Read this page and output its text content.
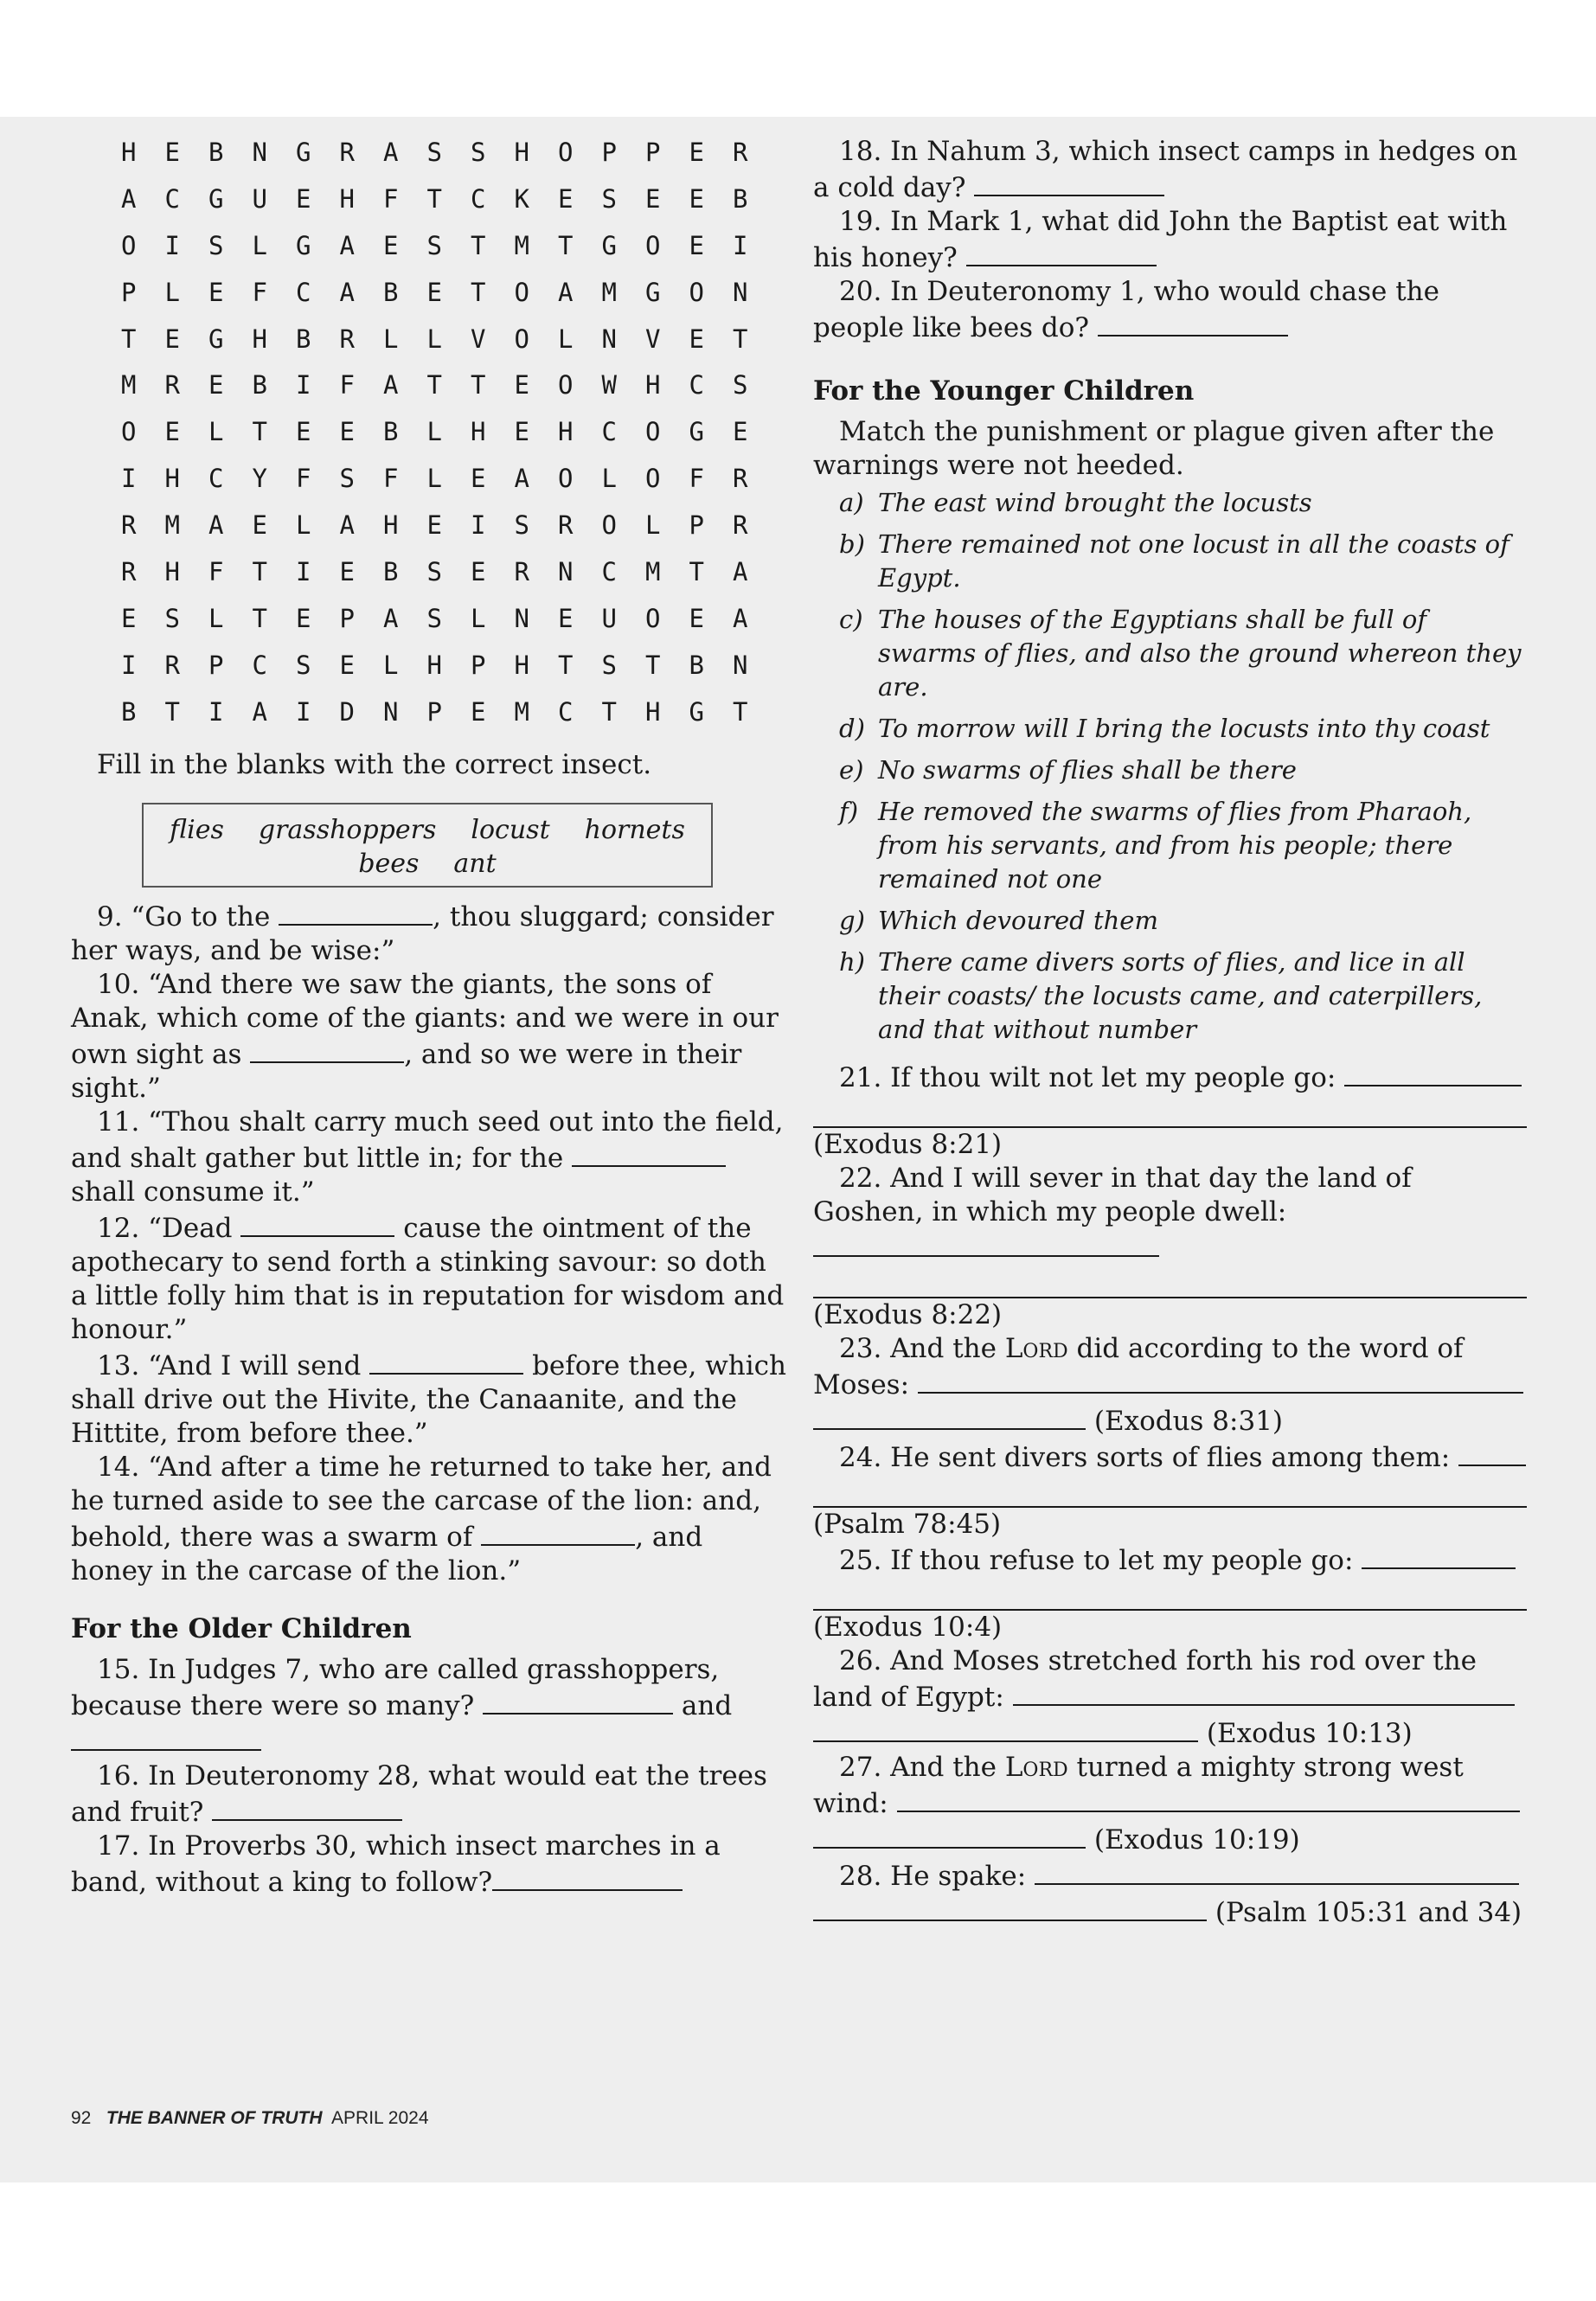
H	E	B	N	G	R	A	S	S	H	O	P	P	E	R
A	C	G	U	E	H	F	T	C	K	E	S	E	E	B
O	I	S	L	G	A	E	S	T	M	T	G	O	E	I
P	L	E	F	C	A	B	E	T	O	A	M	G	O	N
T	E	G	H	B	R	L	L	V	O	L	N	V	E	T
M	R	E	B	I	F	A	T	T	E	O	W	H	C	S
O	E	L	T	E	E	B	L	H	E	H	C	O	G	E
I	H	C	Y	F	S	F	L	E	A	O	L	O	F	R
R	M	A	E	L	A	H	E	I	S	R	O	L	P	R
R	H	F	T	I	E	B	S	E	R	N	C	M	T	A
E	S	L	T	E	P	A	S	L	N	E	U	O	E	A
I	R	P	C	S	E	L	H	P	H	T	S	T	B	N
B	T	I	A	I	D	N	P	E	M	C	T	H	G	T

Fill in the blanks with the correct insect.

flies grasshoppers locust hornets
bees ant

9. “Go to the	, thou sluggard; consider her ways, and be wise:”

10. “And there we saw the giants, the sons of Anak, which come of the giants: and we were in our own sight as	, and so we were in their sight.”

11. “Thou shalt carry much seed out into the field, and shalt gather but little in; for the  shall consume it.”

12. “Dead	cause the ointment of the apothecary to send forth a stinking savour: so doth a little folly him that is in reputation for wisdom and honour.”

13. “And I will send	before thee, which shall drive out the Hivite, the Canaanite, and the Hittite, from before thee.”

14. “And after a time he returned to take her, and he turned aside to see the carcase of the lion: and, behold, there was a swarm of	, and honey in the carcase of the lion.”

For the Older Children

15. In Judges 7, who are called grasshoppers, because there were so many?	and

16. In Deuteronomy 28, what would eat the trees and fruit?

17. In Proverbs 30, which insect marches in a band, without a king to follow?

18. In Nahum 3, which insect camps in hedges on a cold day?

19. In Mark 1, what did John the Baptist eat with his honey?

20. In Deuteronomy 1, who would chase the people like bees do?

For the Younger Children

Match the punishment or plague given after the warnings were not heeded.

a) The east wind brought the locusts
b) There remained not one locust in all the coasts of Egypt.
c) The houses of the Egyptians shall be full of swarms of flies, and also the ground whereon they are.
d) To morrow will I bring the locusts into thy coast
e) No swarms of flies shall be there
f) He removed the swarms of flies from Pharaoh, from his servants, and from his people; there remained not one
g) Which devoured them
h) There came divers sorts of flies, and lice in all their coasts/ the locusts came, and caterpillers, and that without number

21. If thou wilt not let my people go:

(Exodus 8:21)

22. And I will sever in that day the land of Goshen, in which my people dwell:

(Exodus 8:22)

23. And the Lord did according to the word of Moses:

(Exodus 8:31)

24. He sent divers sorts of flies among them:

(Psalm 78:45)

25. If thou refuse to let my people go:

(Exodus 10:4)

26. And Moses stretched forth his rod over the land of Egypt:

(Exodus 10:13)

27. And the Lord turned a mighty strong west wind:

(Exodus 10:19)

28. He spake:

(Psalm 105:31 and 34)

92 THE BANNER OF TRUTH APRIL 2024
